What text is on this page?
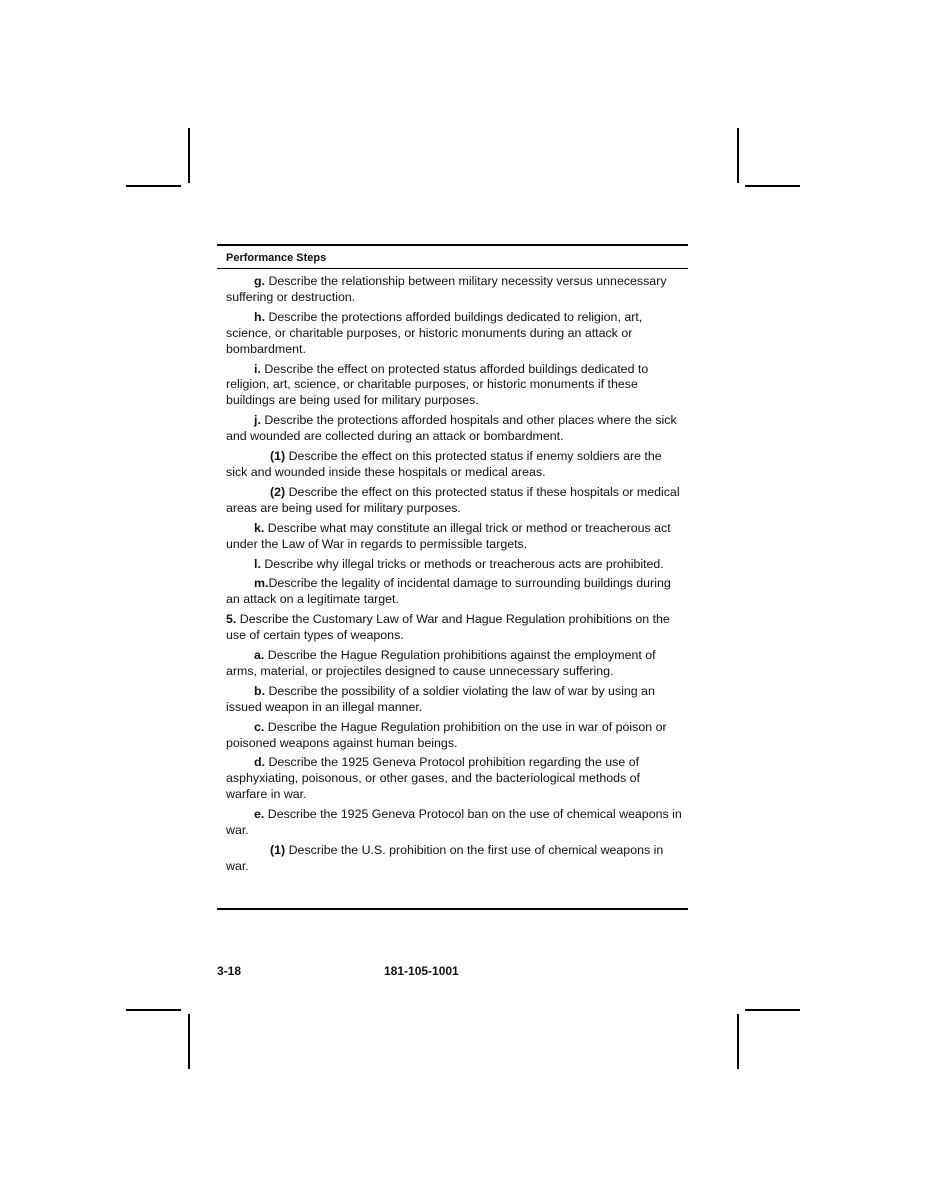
Performance Steps

g. Describe the relationship between military necessity versus unnecessary suffering or destruction.

h. Describe the protections afforded buildings dedicated to religion, art, science, or charitable purposes, or historic monuments during an attack or bombardment.

i. Describe the effect on protected status afforded buildings dedicated to religion, art, science, or charitable purposes, or historic monuments if these buildings are being used for military purposes.

j. Describe the protections afforded hospitals and other places where the sick and wounded are collected during an attack or bombardment.

(1) Describe the effect on this protected status if enemy soldiers are the sick and wounded inside these hospitals or medical areas.

(2) Describe the effect on this protected status if these hospitals or medical areas are being used for military purposes.

k. Describe what may constitute an illegal trick or method or treacherous act under the Law of War in regards to permissible targets.

l. Describe why illegal tricks or methods or treacherous acts are prohibited.

m.Describe the legality of incidental damage to surrounding buildings during an attack on a legitimate target.

5. Describe the Customary Law of War and Hague Regulation prohibitions on the use of certain types of weapons.

a. Describe the Hague Regulation prohibitions against the employment of arms, material, or projectiles designed to cause unnecessary suffering.

b. Describe the possibility of a soldier violating the law of war by using an issued weapon in an illegal manner.

c. Describe the Hague Regulation prohibition on the use in war of poison or poisoned weapons against human beings.

d. Describe the 1925 Geneva Protocol prohibition regarding the use of asphyxiating, poisonous, or other gases, and the bacteriological methods of warfare in war.

e. Describe the 1925 Geneva Protocol ban on the use of chemical weapons in war.

(1) Describe the U.S. prohibition on the first use of chemical weapons in war.

3-18	181-105-1001
